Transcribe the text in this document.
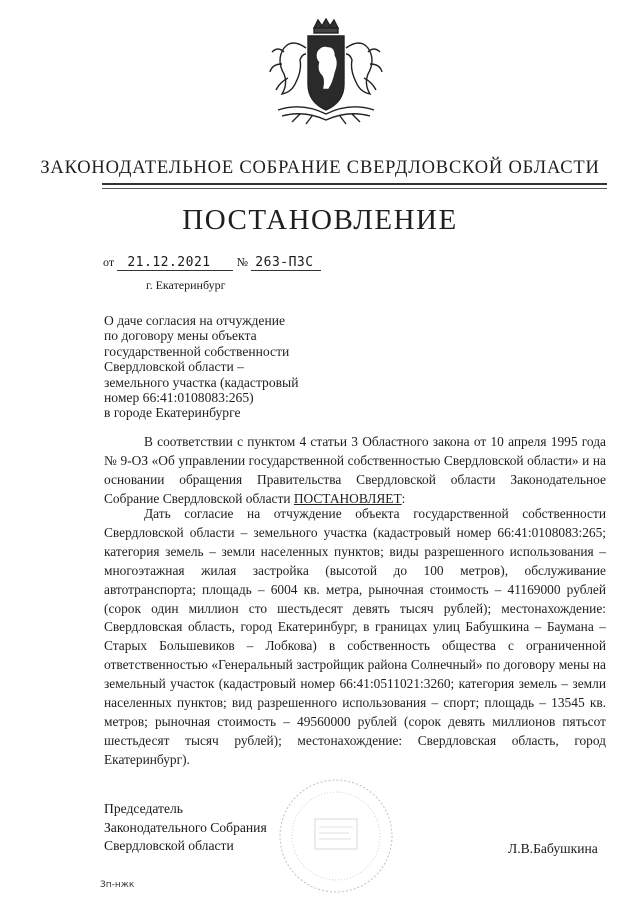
ЗАКОНОДАТЕЛЬНОЕ СОБРАНИЕ СВЕРДЛОВСКОЙ ОБЛАСТИ
ПОСТАНОВЛЕНИЕ
от 21.12.2021 № 263-ПЗС
г. Екатеринбург
О даче согласия на отчуждение
по договору мены объекта
государственной собственности
Свердловской области –
земельного участка (кадастровый
номер 66:41:0108083:265)
в городе Екатеринбурге
В соответствии с пунктом 4 статьи 3 Областного закона от 10 апреля 1995 года № 9-ОЗ «Об управлении государственной собственностью Свердловской области» и на основании обращения Правительства Свердловской области Законодательное Собрание Свердловской области ПОСТАНОВЛЯЕТ:
Дать согласие на отчуждение объекта государственной собственности Свердловской области – земельного участка (кадастровый номер 66:41:0108083:265; категория земель – земли населенных пунктов; виды разрешенного использования – многоэтажная жилая застройка (высотой до 100 метров), обслуживание автотранспорта; площадь – 6004 кв. метра, рыночная стоимость – 41169000 рублей (сорок один миллион сто шестьдесят девять тысяч рублей); местонахождение: Свердловская область, город Екатеринбург, в границах улиц Бабушкина – Баумана – Старых Большевиков – Лобкова) в собственность общества с ограниченной ответственностью «Генеральный застройщик района Солнечный» по договору мены на земельный участок (кадастровый номер 66:41:0511021:3260; категория земель – земли населенных пунктов; вид разрешенного использования – спорт; площадь – 13545 кв. метров; рыночная стоимость – 49560000 рублей (сорок девять миллионов пятьсот шестьдесят тысяч рублей); местонахождение: Свердловская область, город Екатеринбург).
Председатель
Законодательного Собрания
Свердловской области	Л.В.Бабушкина
Зп-нжк
